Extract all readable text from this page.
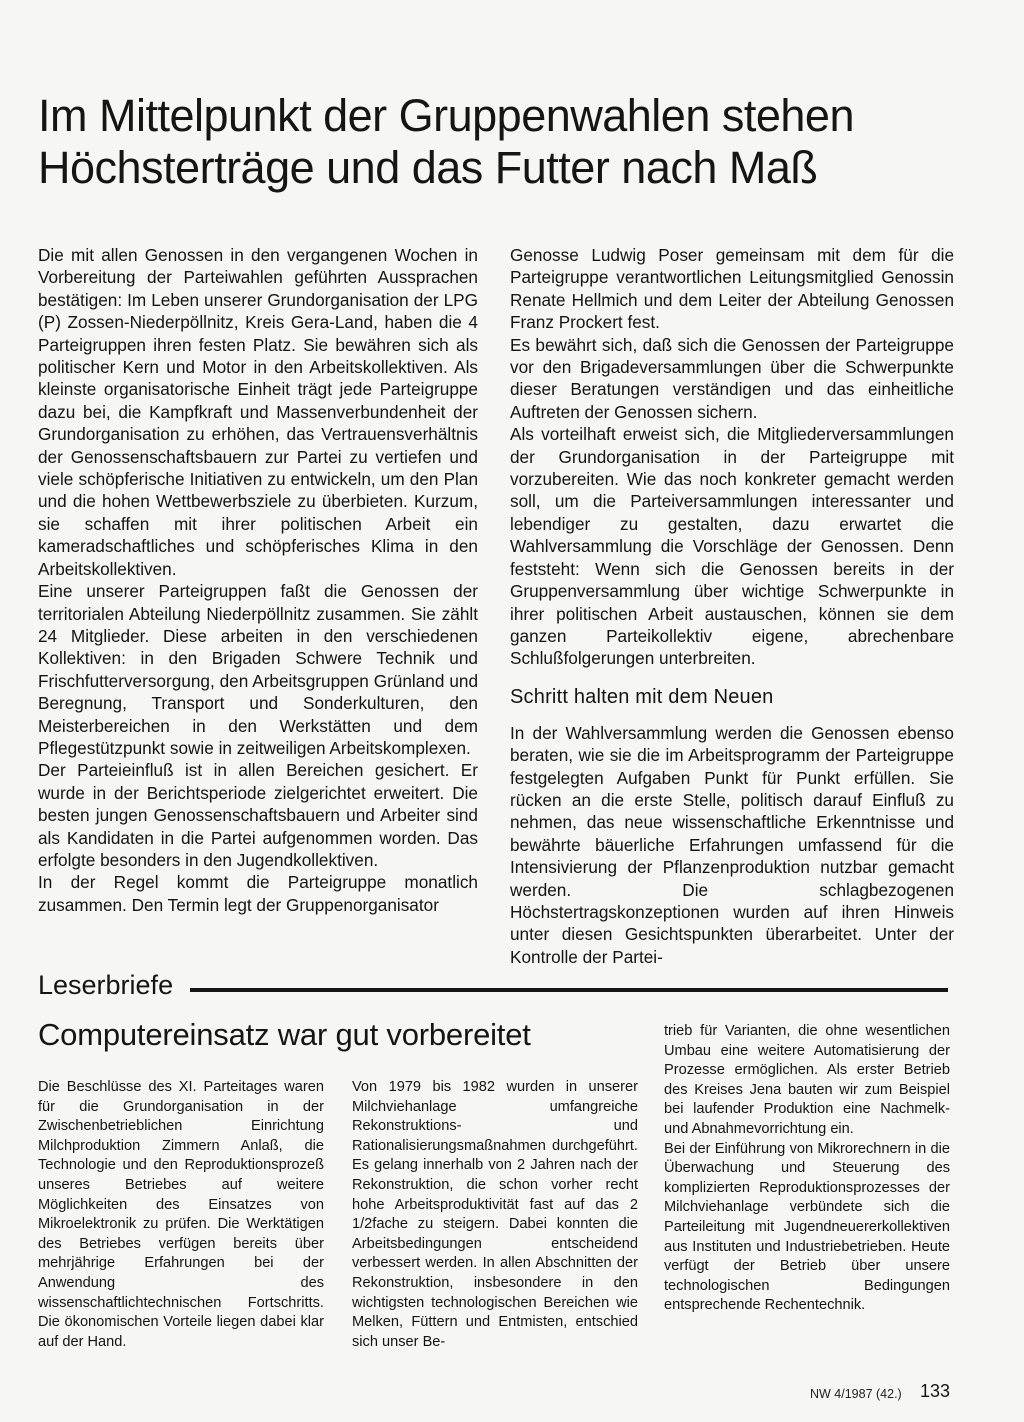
Im Mittelpunkt der Gruppenwahlen stehen
Höchsterträge und das Futter nach Maß

Die mit allen Genossen in den vergangenen Wochen in Vorbereitung der Parteiwahlen geführten Aussprachen bestätigen: Im Leben unserer Grundorganisation der LPG (P) Zossen-Niederpöllnitz, Kreis Gera-Land, haben die 4 Parteigruppen ihren festen Platz. Sie bewähren sich als politischer Kern und Motor in den Arbeitskollektiven. Als kleinste organisatorische Einheit trägt jede Parteigruppe dazu bei, die Kampfkraft und Massenverbundenheit der Grundorganisation zu erhöhen, das Vertrauensverhältnis der Genossenschaftsbauern zur Partei zu vertiefen und viele schöpferische Initiativen zu entwickeln, um den Plan und die hohen Wettbewerbsziele zu überbieten. Kurzum, sie schaffen mit ihrer politischen Arbeit ein kameradschaftliches und schöpferisches Klima in den Arbeitskollektiven.

Eine unserer Parteigruppen faßt die Genossen der territorialen Abteilung Niederpöllnitz zusammen. Sie zählt 24 Mitglieder. Diese arbeiten in den verschiedenen Kollektiven: in den Brigaden Schwere Technik und Frischfutterversorgung, den Arbeitsgruppen Grünland und Beregnung, Transport und Sonderkulturen, den Meisterbereichen in den Werkstätten und dem Pflegestützpunkt sowie in zeitweiligen Arbeitskomplexen.

Der Parteieinfluß ist in allen Bereichen gesichert. Er wurde in der Berichtsperiode zielgerichtet erweitert. Die besten jungen Genossenschaftsbauern und Arbeiter sind als Kandidaten in die Partei aufgenommen worden. Das erfolgte besonders in den Jugendkollektiven.

In der Regel kommt die Parteigruppe monatlich zusammen. Den Termin legt der Gruppenorganisator

Genosse Ludwig Poser gemeinsam mit dem für die Parteigruppe verantwortlichen Leitungsmitglied Genossin Renate Hellmich und dem Leiter der Abteilung Genossen Franz Prockert fest.

Es bewährt sich, daß sich die Genossen der Parteigruppe vor den Brigadeversammlungen über die Schwerpunkte dieser Beratungen verständigen und das einheitliche Auftreten der Genossen sichern.

Als vorteilhaft erweist sich, die Mitgliederversammlungen der Grundorganisation in der Parteigruppe mit vorzubereiten. Wie das noch konkreter gemacht werden soll, um die Parteiversammlungen interessanter und lebendiger zu gestalten, dazu erwartet die Wahlversammlung die Vorschläge der Genossen. Denn feststeht: Wenn sich die Genossen bereits in der Gruppenversammlung über wichtige Schwerpunkte in ihrer politischen Arbeit austauschen, können sie dem ganzen Parteikollektiv eigene, abrechenbare Schlußfolgerungen unterbreiten.

Schritt halten mit dem Neuen

In der Wahlversammlung werden die Genossen ebenso beraten, wie sie die im Arbeitsprogramm der Parteigruppe festgelegten Aufgaben Punkt für Punkt erfüllen. Sie rücken an die erste Stelle, politisch darauf Einfluß zu nehmen, das neue wissenschaftliche Erkenntnisse und bewährte bäuerliche Erfahrungen umfassend für die Intensivierung der Pflanzenproduktion nutzbar gemacht werden. Die schlagbezogenen Höchstertragskonzeptionen wurden auf ihren Hinweis unter diesen Gesichtspunkten überarbeitet. Unter der Kontrolle der Partei-

Leserbriefe
Computereinsatz war gut vorbereitet

Die Beschlüsse des XI. Parteitages waren für die Grundorganisation in der Zwischenbetrieblichen Einrichtung Milchproduktion Zimmern Anlaß, die Technologie und den Reproduktionsprozeß unseres Betriebes auf weitere Möglichkeiten des Einsatzes von Mikroelektronik zu prüfen. Die Werktätigen des Betriebes verfügen bereits über mehrjährige Erfahrungen bei der Anwendung des wissenschaftlichtechnischen Fortschritts. Die ökonomischen Vorteile liegen dabei klar auf der Hand.

Von 1979 bis 1982 wurden in unserer Milchviehanlage umfangreiche Rekonstruktions- und Rationalisierungsmaßnahmen durchgeführt. Es gelang innerhalb von 2 Jahren nach der Rekonstruktion, die schon vorher recht hohe Arbeitsproduktivität fast auf das 2 1/2fache zu steigern. Dabei konnten die Arbeitsbedingungen entscheidend verbessert werden. In allen Abschnitten der Rekonstruktion, insbesondere in den wichtigsten technologischen Bereichen wie Melken, Füttern und Entmisten, entschied sich unser Be-

trieb für Varianten, die ohne wesentlichen Umbau eine weitere Automatisierung der Prozesse ermöglichen. Als erster Betrieb des Kreises Jena bauten wir zum Beispiel bei laufender Produktion eine Nachmelk- und Abnahmevorrichtung ein.

Bei der Einführung von Mikrorechnern in die Überwachung und Steuerung des komplizierten Reproduktionsprozesses der Milchviehanlage verbündete sich die Parteileitung mit Jugendneuererkollektiven aus Instituten und Industriebetrieben. Heute verfügt der Betrieb über unsere technologischen Bedingungen entsprechende Rechentechnik.

NW 4/1987 (42.) 133
